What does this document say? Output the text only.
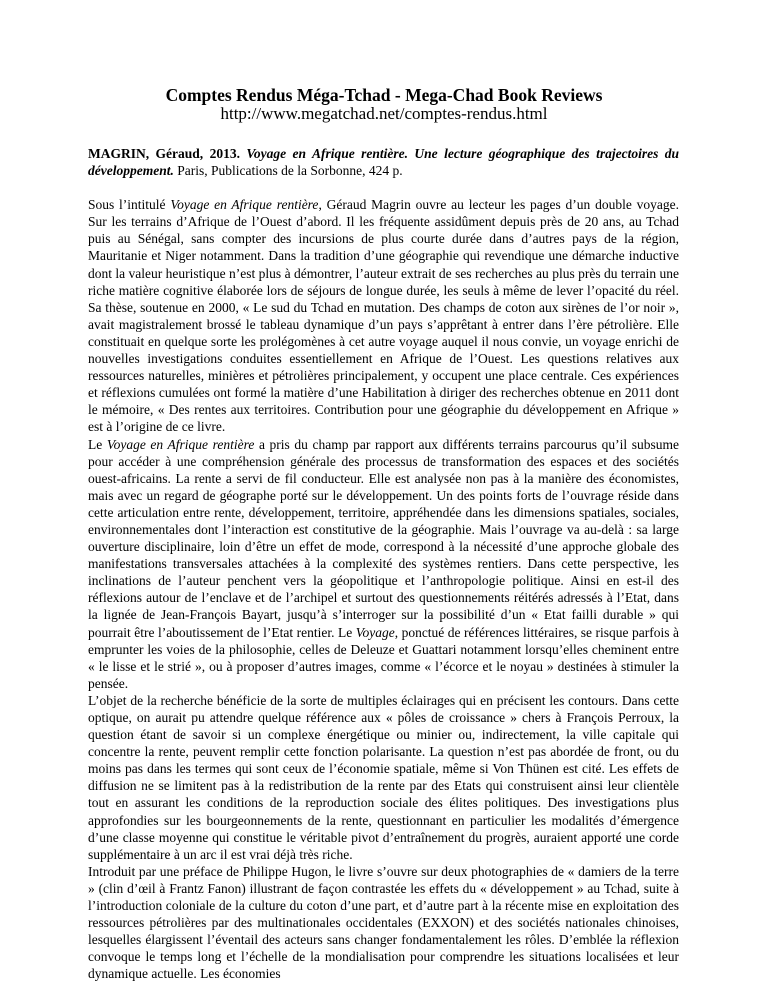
Comptes Rendus Méga-Tchad - Mega-Chad Book Reviews
http://www.megatchad.net/comptes-rendus.html

MAGRIN, Géraud, 2013. Voyage en Afrique rentière. Une lecture géographique des trajectoires du développement. Paris, Publications de la Sorbonne, 424 p.

Sous l’intitulé Voyage en Afrique rentière, Géraud Magrin ouvre au lecteur les pages d’un double voyage. Sur les terrains d’Afrique de l’Ouest d’abord. Il les fréquente assidûment depuis près de 20 ans, au Tchad puis au Sénégal, sans compter des incursions de plus courte durée dans d’autres pays de la région, Mauritanie et Niger notamment. Dans la tradition d’une géographie qui revendique une démarche inductive dont la valeur heuristique n’est plus à démontrer, l’auteur extrait de ses recherches au plus près du terrain une riche matière cognitive élaborée lors de séjours de longue durée, les seuls à même de lever l’opacité du réel. Sa thèse, soutenue en 2000, « Le sud du Tchad en mutation. Des champs de coton aux sirènes de l’or noir », avait magistralement brossé le tableau dynamique d’un pays s’apprêtant à entrer dans l’ère pétrolière. Elle constituait en quelque sorte les prolégomènes à cet autre voyage auquel il nous convie, un voyage enrichi de nouvelles investigations conduites essentiellement en Afrique de l’Ouest. Les questions relatives aux ressources naturelles, minières et pétrolières principalement, y occupent une place centrale. Ces expériences et réflexions cumulées ont formé la matière d’une Habilitation à diriger des recherches obtenue en 2011 dont le mémoire, « Des rentes aux territoires. Contribution pour une géographie du développement en Afrique » est à l’origine de ce livre.

Le Voyage en Afrique rentière a pris du champ par rapport aux différents terrains parcourus qu’il subsume pour accéder à une compréhension générale des processus de transformation des espaces et des sociétés ouest-africains. La rente a servi de fil conducteur. Elle est analysée non pas à la manière des économistes, mais avec un regard de géographe porté sur le développement. Un des points forts de l’ouvrage réside dans cette articulation entre rente, développement, territoire, appréhendée dans les dimensions spatiales, sociales, environnementales dont l’interaction est constitutive de la géographie. Mais l’ouvrage va au-delà : sa large ouverture disciplinaire, loin d’être un effet de mode, correspond à la nécessité d’une approche globale des manifestations transversales attachées à la complexité des systèmes rentiers. Dans cette perspective, les inclinations de l’auteur penchent vers la géopolitique et l’anthropologie politique. Ainsi en est-il des réflexions autour de l’enclave et de l’archipel et surtout des questionnements réitérés adressés à l’Etat, dans la lignée de Jean-François Bayart, jusqu’à s’interroger sur la possibilité d’un « Etat failli durable » qui pourrait être l’aboutissement de l’Etat rentier. Le Voyage, ponctué de références littéraires, se risque parfois à emprunter les voies de la philosophie, celles de Deleuze et Guattari notamment lorsqu’elles cheminent entre « le lisse et le strié », ou à proposer d’autres images, comme « l’écorce et le noyau » destinées à stimuler la pensée.

L’objet de la recherche bénéficie de la sorte de multiples éclairages qui en précisent les contours. Dans cette optique, on aurait pu attendre quelque référence aux « pôles de croissance » chers à François Perroux, la question étant de savoir si un complexe énergétique ou minier ou, indirectement, la ville capitale qui concentre la rente, peuvent remplir cette fonction polarisante. La question n’est pas abordée de front, ou du moins pas dans les termes qui sont ceux de l’économie spatiale, même si Von Thünen est cité. Les effets de diffusion ne se limitent pas à la redistribution de la rente par des Etats qui construisent ainsi leur clientèle tout en assurant les conditions de la reproduction sociale des élites politiques. Des investigations plus approfondies sur les bourgeonnements de la rente, questionnant en particulier les modalités d’émergence d’une classe moyenne qui constitue le véritable pivot d’entraînement du progrès, auraient apporté une corde supplémentaire à un arc il est vrai déjà très riche.

Introduit par une préface de Philippe Hugon, le livre s’ouvre sur deux photographies de « damiers de la terre » (clin d’œil à Frantz Fanon) illustrant de façon contrastée les effets du « développement » au Tchad, suite à l’introduction coloniale de la culture du coton d’une part, et d’autre part à la récente mise en exploitation des ressources pétrolières par des multinationales occidentales (EXXON) et des sociétés nationales chinoises, lesquelles élargissent l’éventail des acteurs sans changer fondamentalement les rôles. D’emblée la réflexion convoque le temps long et l’échelle de la mondialisation pour comprendre les situations localisées et leur dynamique actuelle. Les économies
